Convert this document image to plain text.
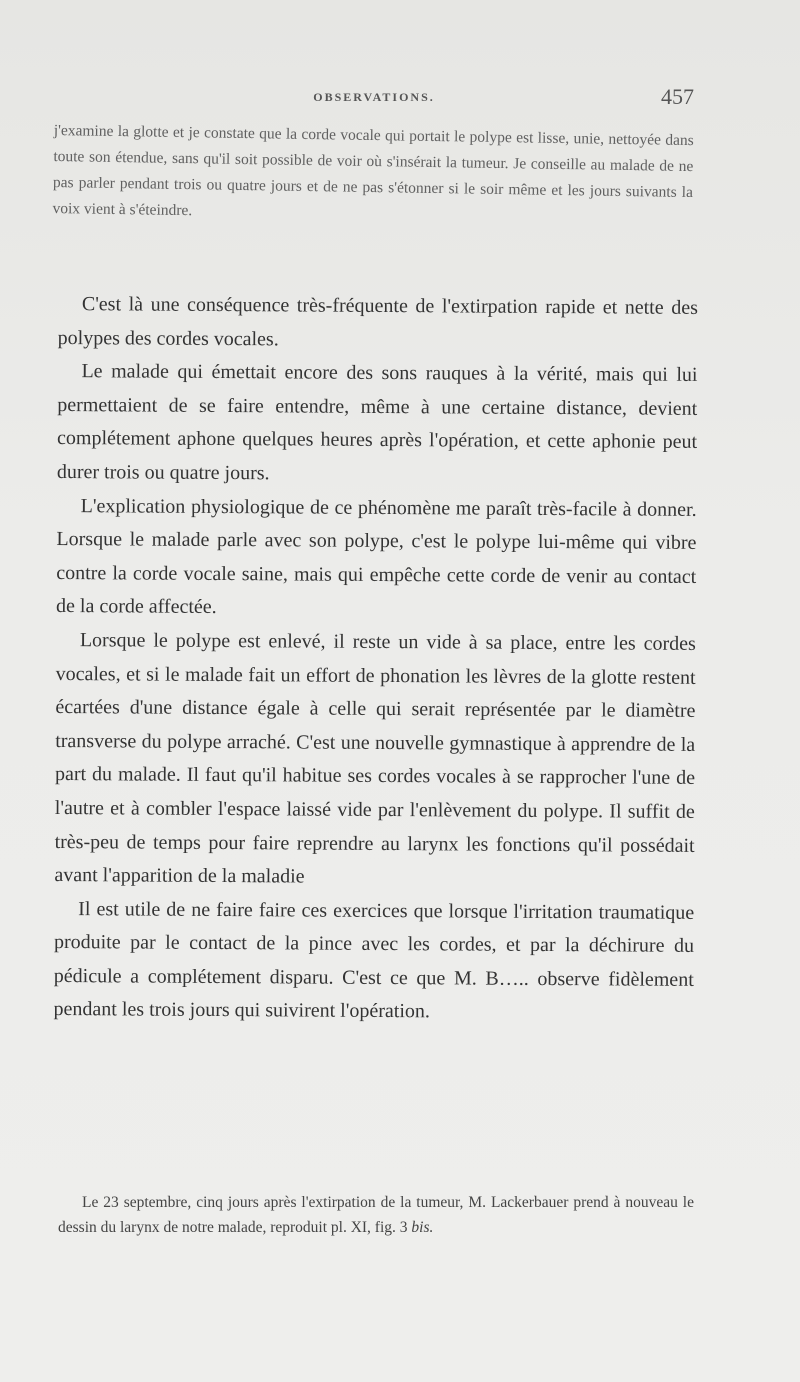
OBSERVATIONS.	457
j'examine la glotte et je constate que la corde vocale qui portait le polype est lisse, unie, nettoyée dans toute son étendue, sans qu'il soit possible de voir où s'insérait la tumeur. Je conseille au malade de ne pas parler pendant trois ou quatre jours et de ne pas s'étonner si le soir même et les jours suivants la voix vient à s'éteindre.

C'est là une conséquence très-fréquente de l'extirpation rapide et nette des polypes des cordes vocales.

Le malade qui émettait encore des sons rauques à la vérité, mais qui lui permettaient de se faire entendre, même à une certaine distance, devient complétement aphone quelques heures après l'opération, et cette aphonie peut durer trois ou quatre jours.

L'explication physiologique de ce phénomène me paraît très-facile à donner. Lorsque le malade parle avec son polype, c'est le polype lui-même qui vibre contre la corde vocale saine, mais qui empêche cette corde de venir au contact de la corde affectée.

Lorsque le polype est enlevé, il reste un vide à sa place, entre les cordes vocales, et si le malade fait un effort de phonation les lèvres de la glotte restent écartées d'une distance égale à celle qui serait représentée par le diamètre transverse du polype arraché. C'est une nouvelle gymnastique à apprendre de la part du malade. Il faut qu'il habitue ses cordes vocales à se rapprocher l'une de l'autre et à combler l'espace laissé vide par l'enlèvement du polype. Il suffit de très-peu de temps pour faire reprendre au larynx les fonctions qu'il possédait avant l'apparition de la maladie

Il est utile de ne faire faire ces exercices que lorsque l'irritation traumatique produite par le contact de la pince avec les cordes, et par la déchirure du pédicule a complétement disparu. C'est ce que M. B….. observe fidèlement pendant les trois jours qui suivirent l'opération.

Le 23 septembre, cinq jours après l'extirpation de la tumeur, M. Lackerbauer prend à nouveau le dessin du larynx de notre malade, reproduit pl. XI, fig. 3 bis.
